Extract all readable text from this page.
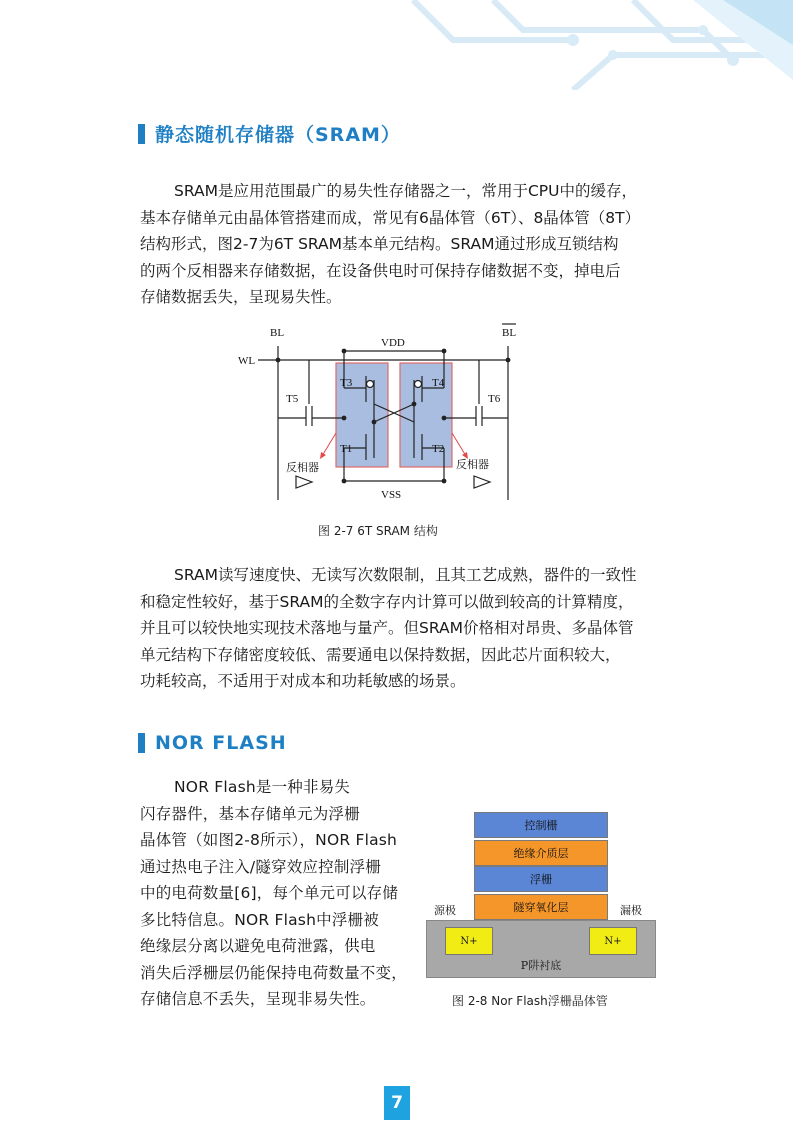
静态随机存储器（SRAM）
SRAM是应用范围最广的易失性存储器之一，常用于CPU中的缓存，
基本存储单元由晶体管搭建而成，常见有6晶体管（6T）、8晶体管（8T）
结构形式，图2-7为6T SRAM基本单元结构。SRAM通过形成互锁结构
的两个反相器来存储数据，在设备供电时可保持存储数据不变，掉电后
存储数据丢失，呈现易失性。
BL	BL
WL
VDD
VSS
T3	T4
T1	T2
T5	T6
反相器	反相器
图 2-7 6T SRAM 结构
SRAM读写速度快、无读写次数限制，且其工艺成熟，器件的一致性
和稳定性较好，基于SRAM的全数字存内计算可以做到较高的计算精度，
并且可以较快地实现技术落地与量产。但SRAM价格相对昂贵、多晶体管
单元结构下存储密度较低、需要通电以保持数据，因此芯片面积较大，
功耗较高，不适用于对成本和功耗敏感的场景。
NOR FLASH
NOR Flash是一种非易失
闪存器件，基本存储单元为浮栅
晶体管（如图2-8所示），NOR Flash
通过热电子注入/隧穿效应控制浮栅
中的电荷数量[6]，每个单元可以存储
多比特信息。NOR Flash中浮栅被
绝缘层分离以避免电荷泄露，供电
消失后浮栅层仍能保持电荷数量不变，
存储信息不丢失，呈现非易失性。
控制栅
绝缘介质层
浮栅
隧穿氧化层
源极	漏极
N+	N+
P阱衬底
图 2-8 Nor Flash浮栅晶体管
7
